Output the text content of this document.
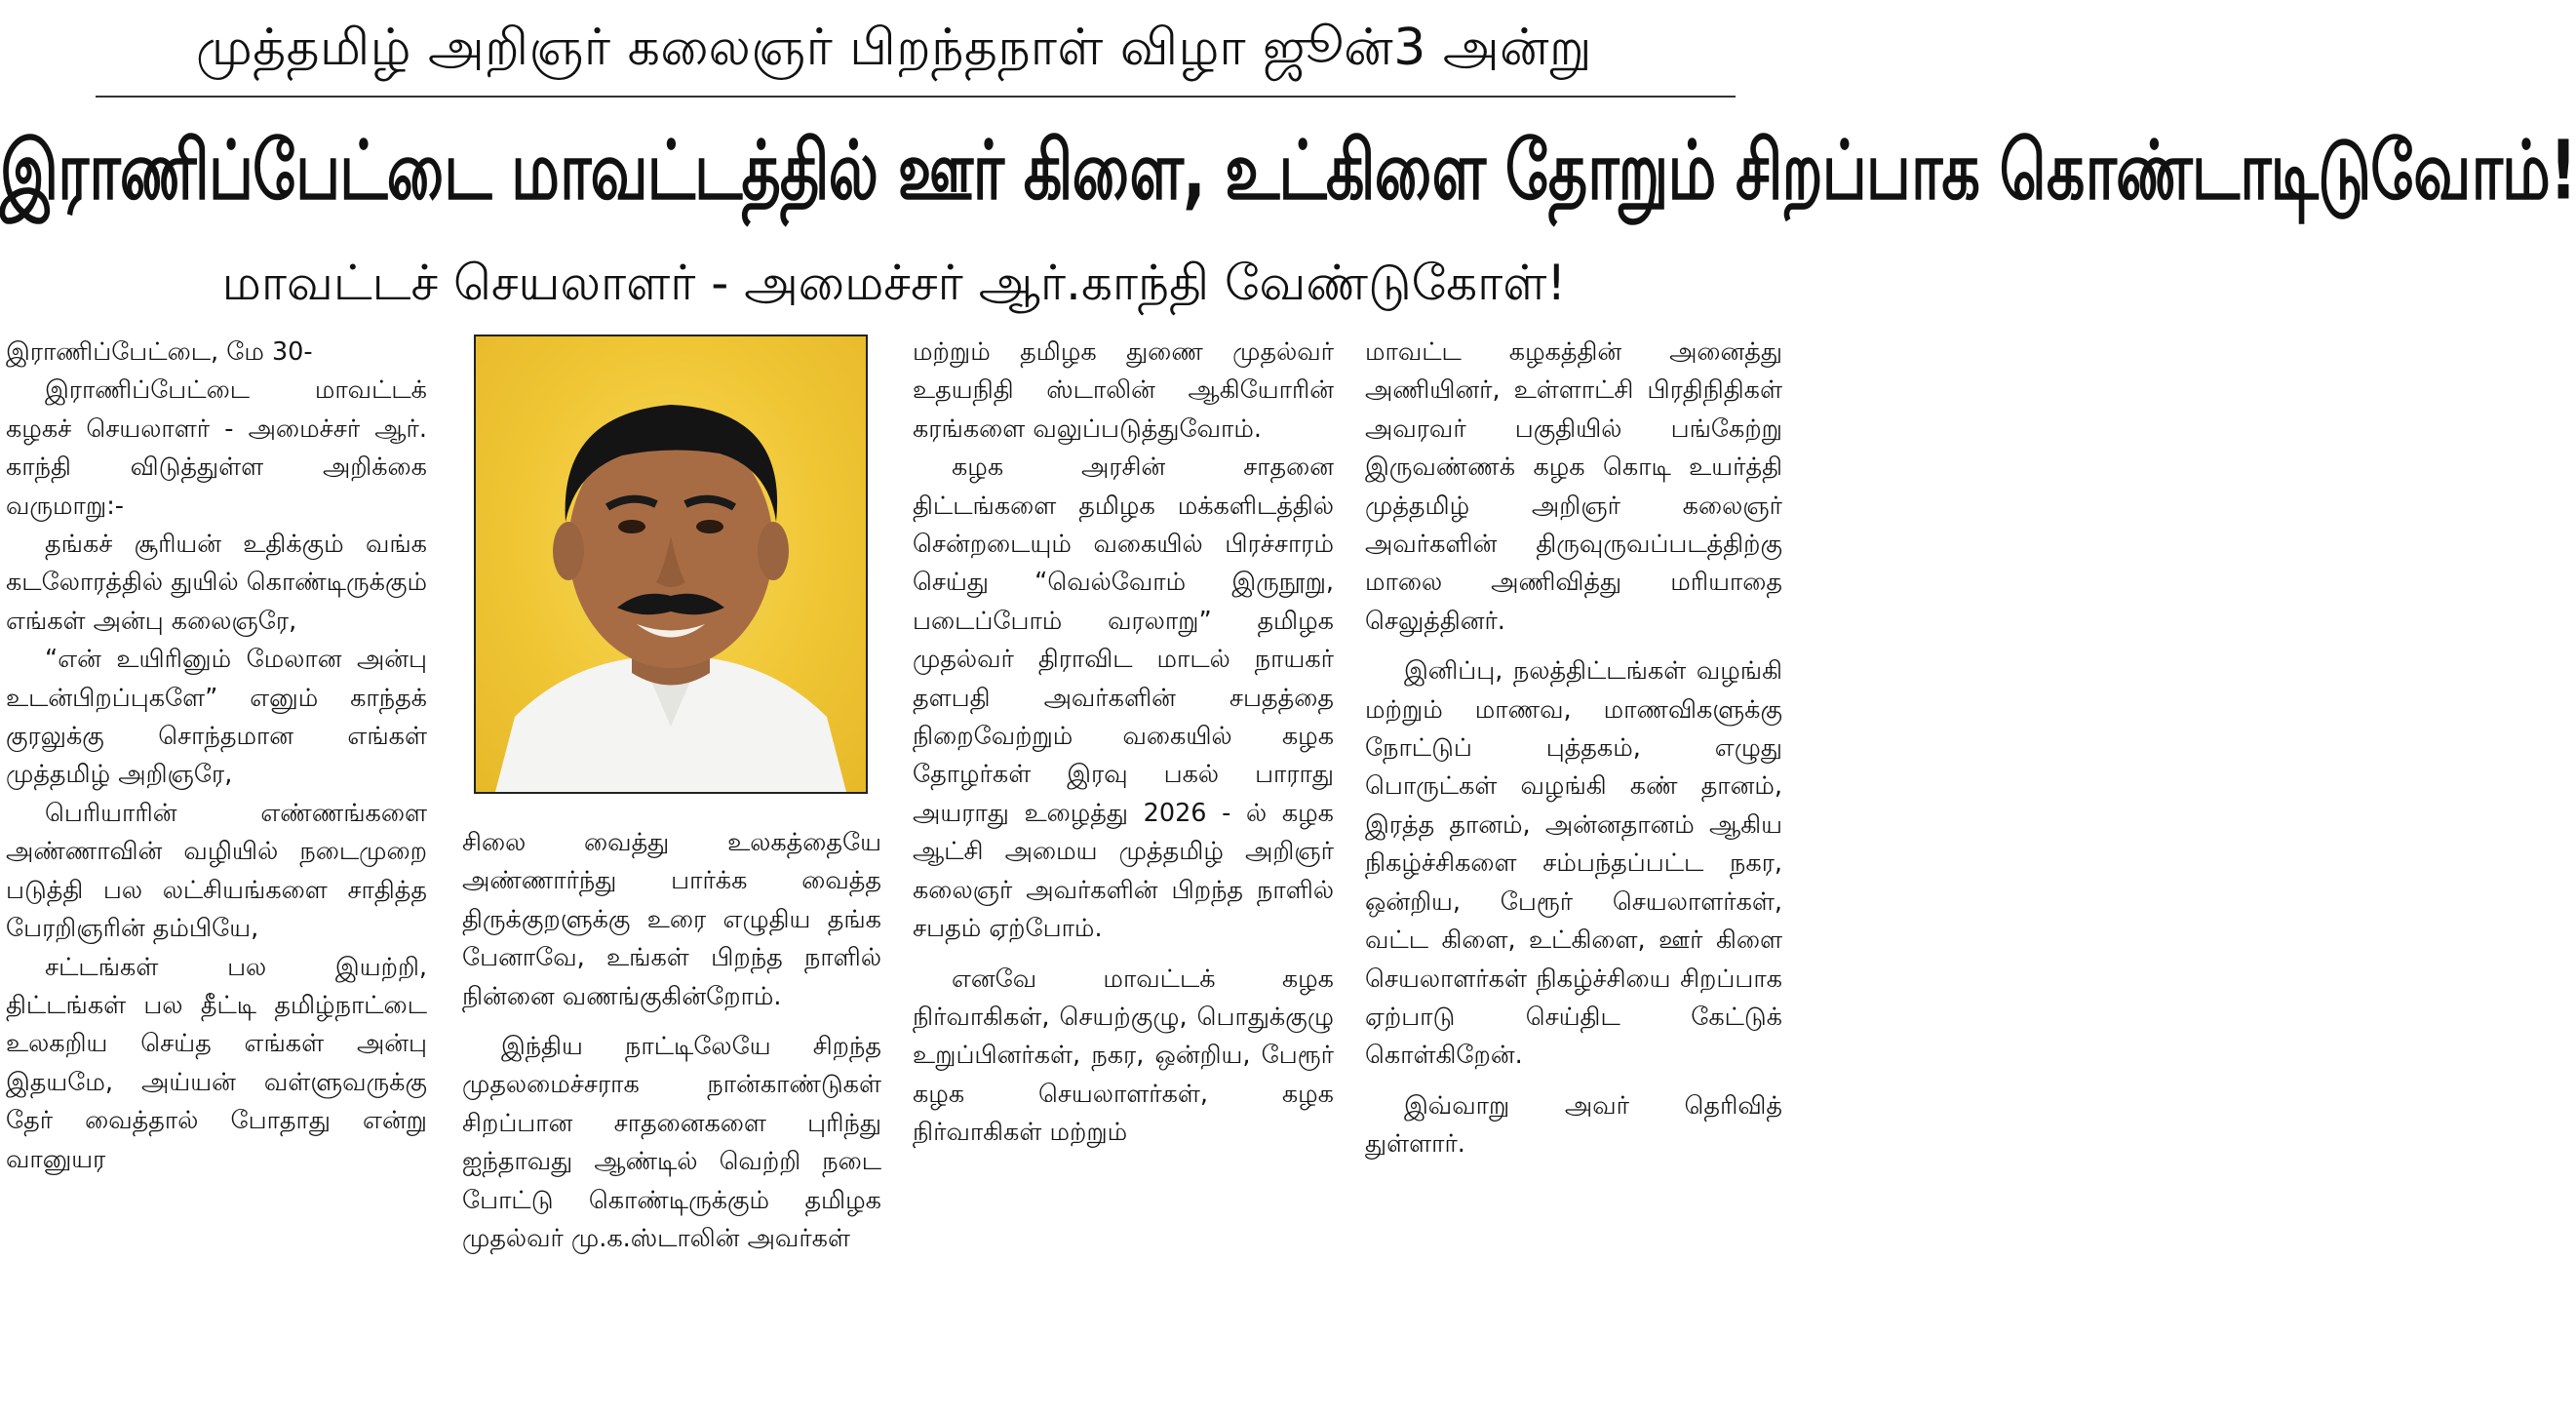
முத்தமிழ் அறிஞர் கலைஞர் பிறந்தநாள் விழா ஜூன்3 அன்று
இராணிப்பேட்டை மாவட்டத்தில் ஊர் கிளை, உட்கிளை தோறும் சிறப்பாக கொண்டாடிடுவோம்!
மாவட்டச் செயலாளர் - அமைச்சர் ஆர்.காந்தி வேண்டுகோள்!

இராணிப்பேட்டை, மே 30-

இராணிப்பேட்டை மாவட்டக் கழகச் செயலாளர் - அமைச்சர் ஆர். காந்தி விடுத்துள்ள அறிக்கை வருமாறு:-

தங்கச் சூரியன் உதிக்கும் வங்க கடலோரத்தில் துயில் கொண்டிருக்கும் எங்கள் அன்பு கலைஞரே,

“என் உயிரினும் மேலான அன்பு உடன்பிறப்புகளே” எனும் காந்தக் குரலுக்கு சொந்தமான எங்கள் முத்தமிழ் அறிஞரே,

பெரியாரின் எண்ணங்களை அண்ணாவின் வழியில் நடைமுறை படுத்தி பல லட்சியங்களை சாதித்த பேரறிஞரின் தம்பியே,

சட்டங்கள் பல இயற்றி, திட்டங்கள் பல தீட்டி தமிழ்நாட்டை உலகறிய செய்த எங்கள் அன்பு இதயமே, அய்யன் வள்ளுவருக்கு தேர் வைத்தால் போதாது என்று வானுயர

சிலை வைத்து உலகத்தையே அண்ணார்ந்து பார்க்க வைத்த திருக்குறளுக்கு உரை எழுதிய தங்க பேனாவே, உங்கள் பிறந்த நாளில் நின்னை வணங்குகின்றோம்.

இந்திய நாட்டிலேயே சிறந்த முதலமைச்சராக நான்காண்டுகள் சிறப்பான சாதனைகளை புரிந்து ஐந்தாவது ஆண்டில் வெற்றி நடை போட்டு கொண்டிருக்கும் தமிழக முதல்வர் மு.க.ஸ்டாலின் அவர்கள்

மற்றும் தமிழக துணை முதல்வர் உதயநிதி ஸ்டாலின் ஆகியோரின் கரங்களை வலுப்படுத்துவோம்.

கழக அரசின் சாதனை திட்டங்களை தமிழக மக்களிடத்தில் சென்றடையும் வகையில் பிரச்சாரம் செய்து “வெல்வோம் இருநூறு, படைப்போம் வரலாறு” தமிழக முதல்வர் திராவிட மாடல் நாயகர் தளபதி அவர்களின் சபதத்தை நிறைவேற்றும் வகையில் கழக தோழர்கள் இரவு பகல் பாராது அயராது உழைத்து 2026 - ல் கழக ஆட்சி அமைய முத்தமிழ் அறிஞர் கலைஞர் அவர்களின் பிறந்த நாளில் சபதம் ஏற்போம்.

எனவே மாவட்டக் கழக நிர்வாகிகள், செயற்குழு, பொதுக்குழு உறுப்பினர்கள், நகர, ஒன்றிய, பேரூர் கழக செயலாளர்கள், கழக நிர்வாகிகள் மற்றும்

மாவட்ட கழகத்தின் அனைத்து அணியினர், உள்ளாட்சி பிரதிநிதிகள் அவரவர் பகுதியில் பங்கேற்று இருவண்ணக் கழக கொடி உயர்த்தி முத்தமிழ் அறிஞர் கலைஞர் அவர்களின் திருவுருவப்படத்திற்கு மாலை அணிவித்து மரியாதை செலுத்தினர்.

இனிப்பு, நலத்திட்டங்கள் வழங்கி மற்றும் மாணவ, மாணவிகளுக்கு நோட்டுப் புத்தகம், எழுது பொருட்கள் வழங்கி கண் தானம், இரத்த தானம், அன்னதானம் ஆகிய நிகழ்ச்சிகளை சம்பந்தப்பட்ட நகர, ஒன்றிய, பேரூர் செயலாளர்கள், வட்ட கிளை, உட்கிளை, ஊர் கிளை செயலாளர்கள் நிகழ்ச்சியை சிறப்பாக ஏற்பாடு செய்திட கேட்டுக் கொள்கிறேன்.

இவ்வாறு அவர் தெரிவித் துள்ளார்.
